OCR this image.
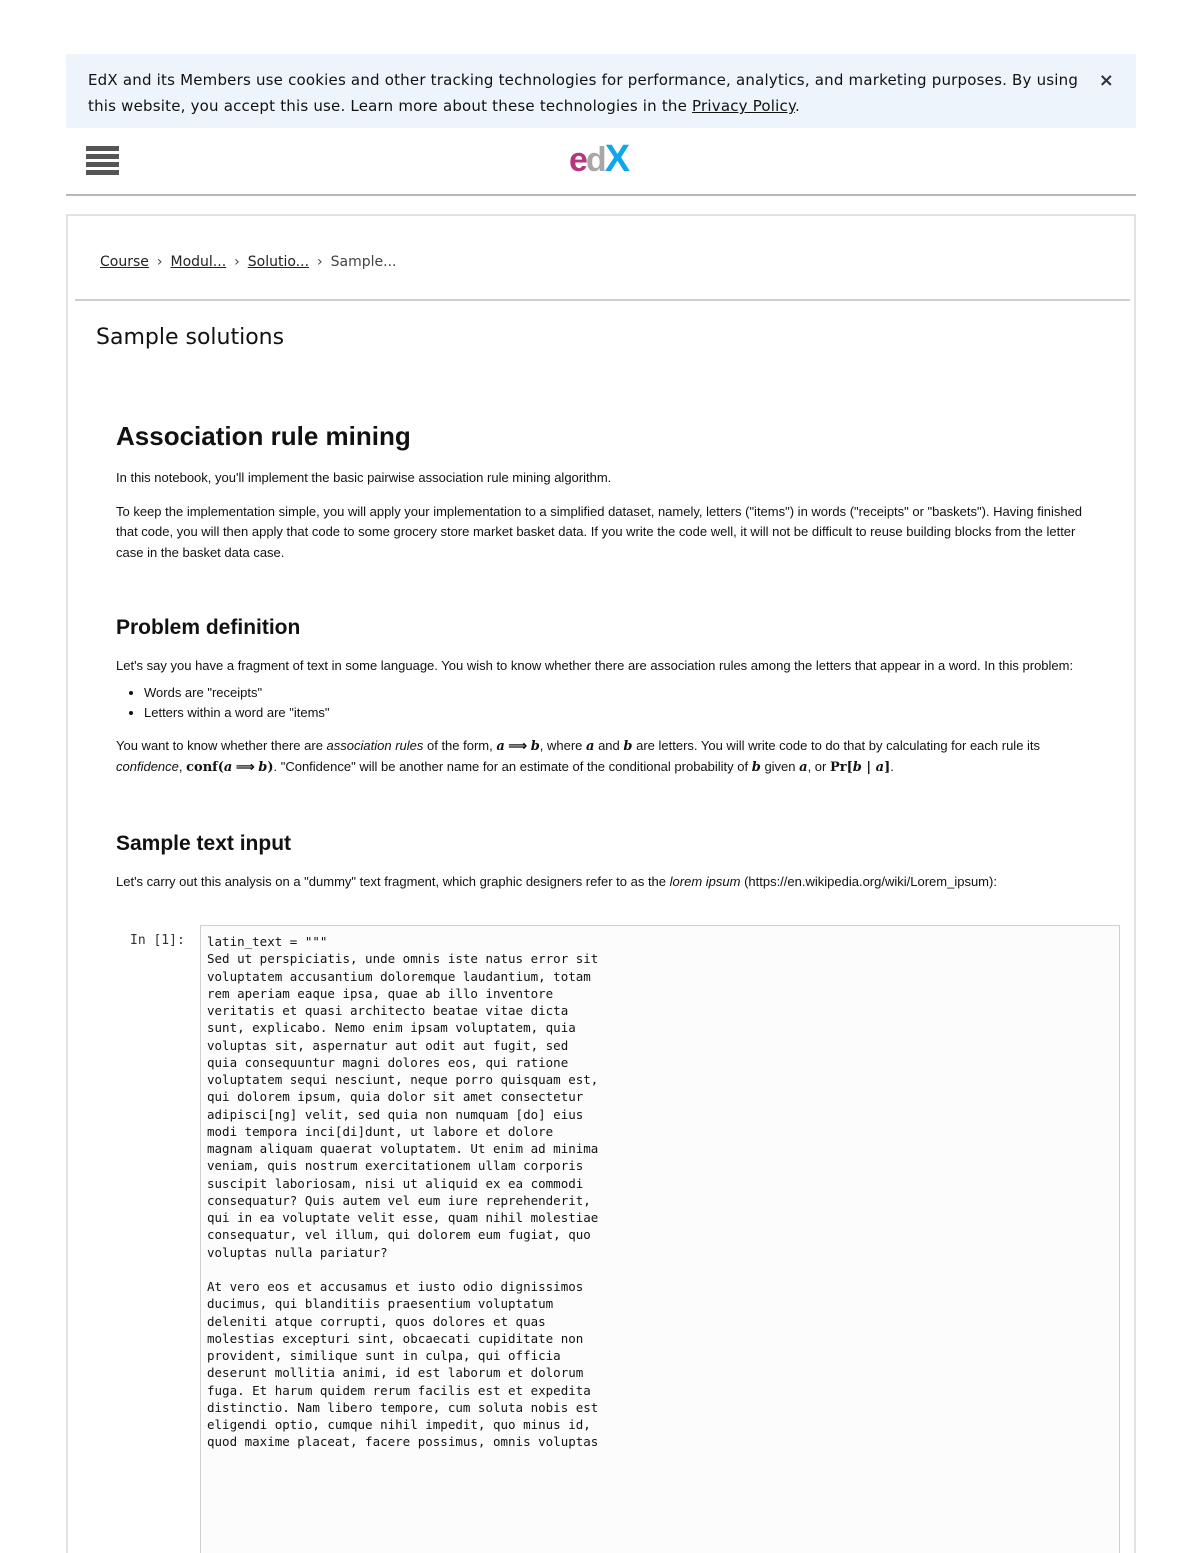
EdX and its Members use cookies and other tracking technologies for performance, analytics, and marketing purposes. By using this website, you accept this use. Learn more about these technologies in the Privacy Policy.
×
edX
Course › Modul... › Solutio... › Sample...
Sample solutions
Association rule mining

In this notebook, you'll implement the basic pairwise association rule mining algorithm.

To keep the implementation simple, you will apply your implementation to a simplified dataset, namely, letters ("items") in words ("receipts" or "baskets"). Having finished that code, you will then apply that code to some grocery store market basket data. If you write the code well, it will not be difficult to reuse building blocks from the letter case in the basket data case.

Problem definition

Let's say you have a fragment of text in some language. You wish to know whether there are association rules among the letters that appear in a word. In this problem:

• Words are "receipts"
• Letters within a word are "items"

You want to know whether there are association rules of the form, a ⟹ b, where a and b are letters. You will write code to do that by calculating for each rule its confidence, conf(a ⟹ b). "Confidence" will be another name for an estimate of the conditional probability of b given a, or Pr[b | a].

Sample text input

Let's carry out this analysis on a "dummy" text fragment, which graphic designers refer to as the lorem ipsum (https://en.wikipedia.org/wiki/Lorem_ipsum):

In [1]:	latin_text = """
Sed ut perspiciatis, unde omnis iste natus error sit
voluptatem accusantium doloremque laudantium, totam
rem aperiam eaque ipsa, quae ab illo inventore
veritatis et quasi architecto beatae vitae dicta
sunt, explicabo. Nemo enim ipsam voluptatem, quia
voluptas sit, aspernatur aut odit aut fugit, sed
quia consequuntur magni dolores eos, qui ratione
voluptatem sequi nesciunt, neque porro quisquam est,
qui dolorem ipsum, quia dolor sit amet consectetur
adipisci[ng] velit, sed quia non numquam [do] eius
modi tempora inci[di]dunt, ut labore et dolore
magnam aliquam quaerat voluptatem. Ut enim ad minima
veniam, quis nostrum exercitationem ullam corporis
suscipit laboriosam, nisi ut aliquid ex ea commodi
consequatur? Quis autem vel eum iure reprehenderit,
qui in ea voluptate velit esse, quam nihil molestiae
consequatur, vel illum, qui dolorem eum fugiat, quo
voluptas nulla pariatur?

At vero eos et accusamus et iusto odio dignissimos
ducimus, qui blanditiis praesentium voluptatum
deleniti atque corrupti, quos dolores et quas
molestias excepturi sint, obcaecati cupiditate non
provident, similique sunt in culpa, qui officia
deserunt mollitia animi, id est laborum et dolorum
fuga. Et harum quidem rerum facilis est et expedita
distinctio. Nam libero tempore, cum soluta nobis est
eligendi optio, cumque nihil impedit, quo minus id,
quod maxime placeat, facere possimus, omnis voluptas
